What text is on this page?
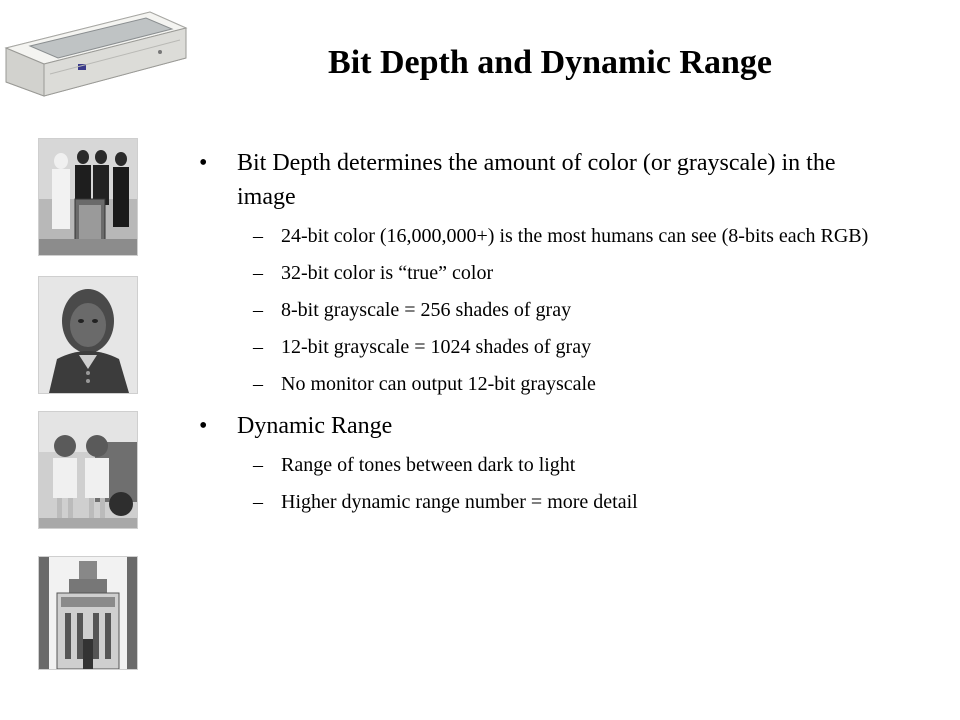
Bit Depth and Dynamic Range
• Bit Depth determines the amount of color (or grayscale) in the image
– 24-bit color (16,000,000+) is the most humans can see (8-bits each RGB)
– 32-bit color is “true” color
– 8-bit grayscale = 256 shades of gray
– 12-bit grayscale = 1024 shades of gray
– No monitor can output 12-bit grayscale
• Dynamic Range
– Range of tones between dark to light
– Higher dynamic range number = more detail
